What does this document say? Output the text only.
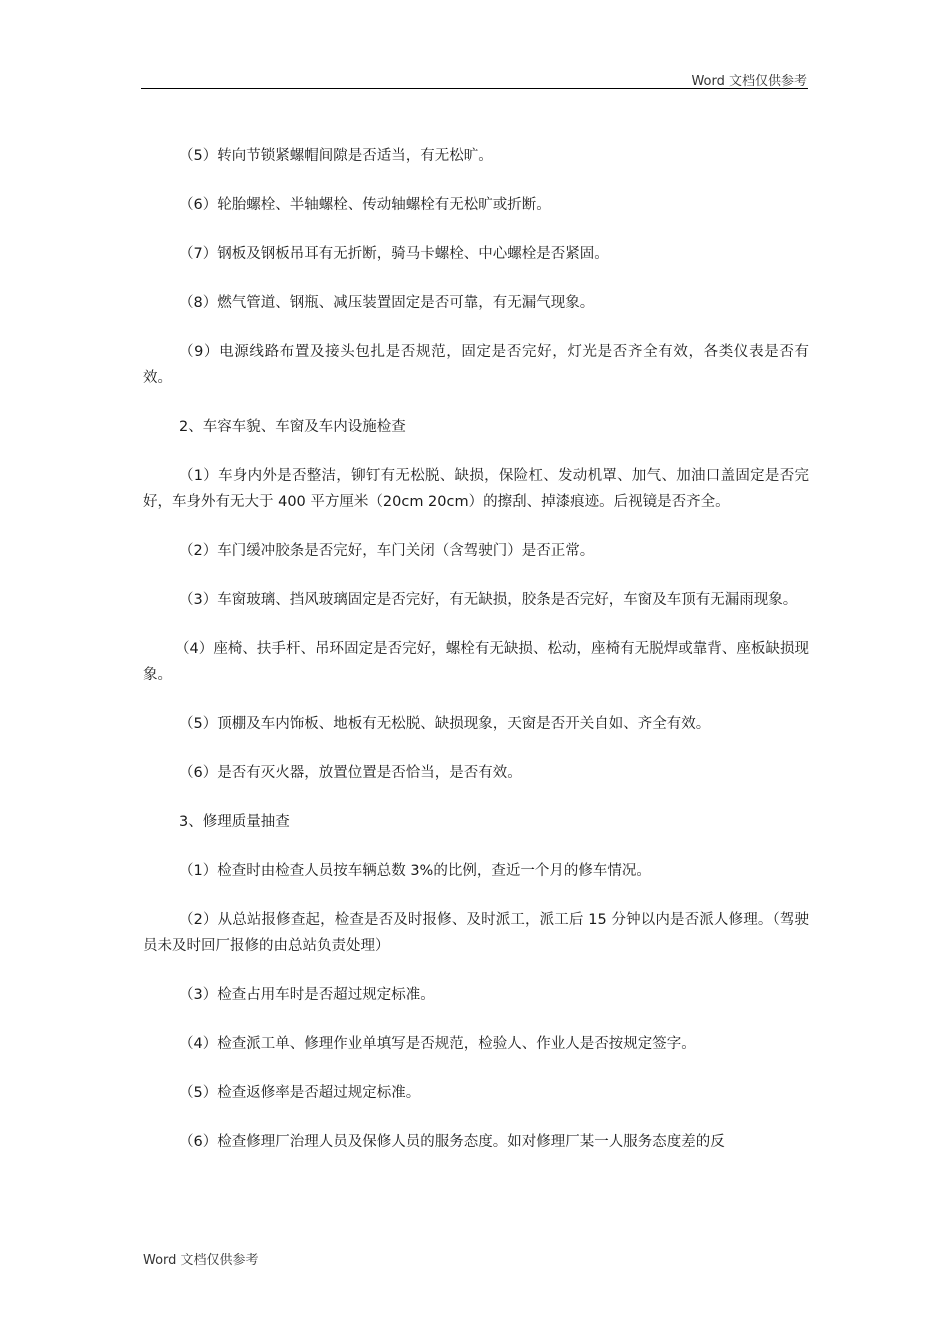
Word 文档仅供参考

（5）转向节锁紧螺帽间隙是否适当，有无松旷。

（6）轮胎螺栓、半轴螺栓、传动轴螺栓有无松旷或折断。

（7）钢板及钢板吊耳有无折断，骑马卡螺栓、中心螺栓是否紧固。

（8）燃气管道、钢瓶、减压装置固定是否可靠，有无漏气现象。

（9）电源线路布置及接头包扎是否规范，固定是否完好，灯光是否齐全有效，各类仪表是否有效。

2、车容车貌、车窗及车内设施检查

（1）车身内外是否整洁，铆钉有无松脱、缺损，保险杠、发动机罩、加气、加油口盖固定是否完好，车身外有无大于 400 平方厘米（20cm 20cm）的擦刮、掉漆痕迹。后视镜是否齐全。

（2）车门缓冲胶条是否完好，车门关闭（含驾驶门）是否正常。

（3）车窗玻璃、挡风玻璃固定是否完好，有无缺损，胶条是否完好，车窗及车顶有无漏雨现象。

（4）座椅、扶手杆、吊环固定是否完好，螺栓有无缺损、松动，座椅有无脱焊或靠背、座板缺损现象。

（5）顶棚及车内饰板、地板有无松脱、缺损现象，天窗是否开关自如、齐全有效。

（6）是否有灭火器，放置位置是否恰当，是否有效。

3、修理质量抽查

（1）检查时由检查人员按车辆总数 3%的比例，查近一个月的修车情况。

（2）从总站报修查起，检查是否及时报修、及时派工，派工后 15 分钟以内是否派人修理。（驾驶员未及时回厂报修的由总站负责处理）

（3）检查占用车时是否超过规定标准。

（4）检查派工单、修理作业单填写是否规范，检验人、作业人是否按规定签字。

（5）检查返修率是否超过规定标准。

（6）检查修理厂治理人员及保修人员的服务态度。如对修理厂某一人服务态度差的反

Word 文档仅供参考
